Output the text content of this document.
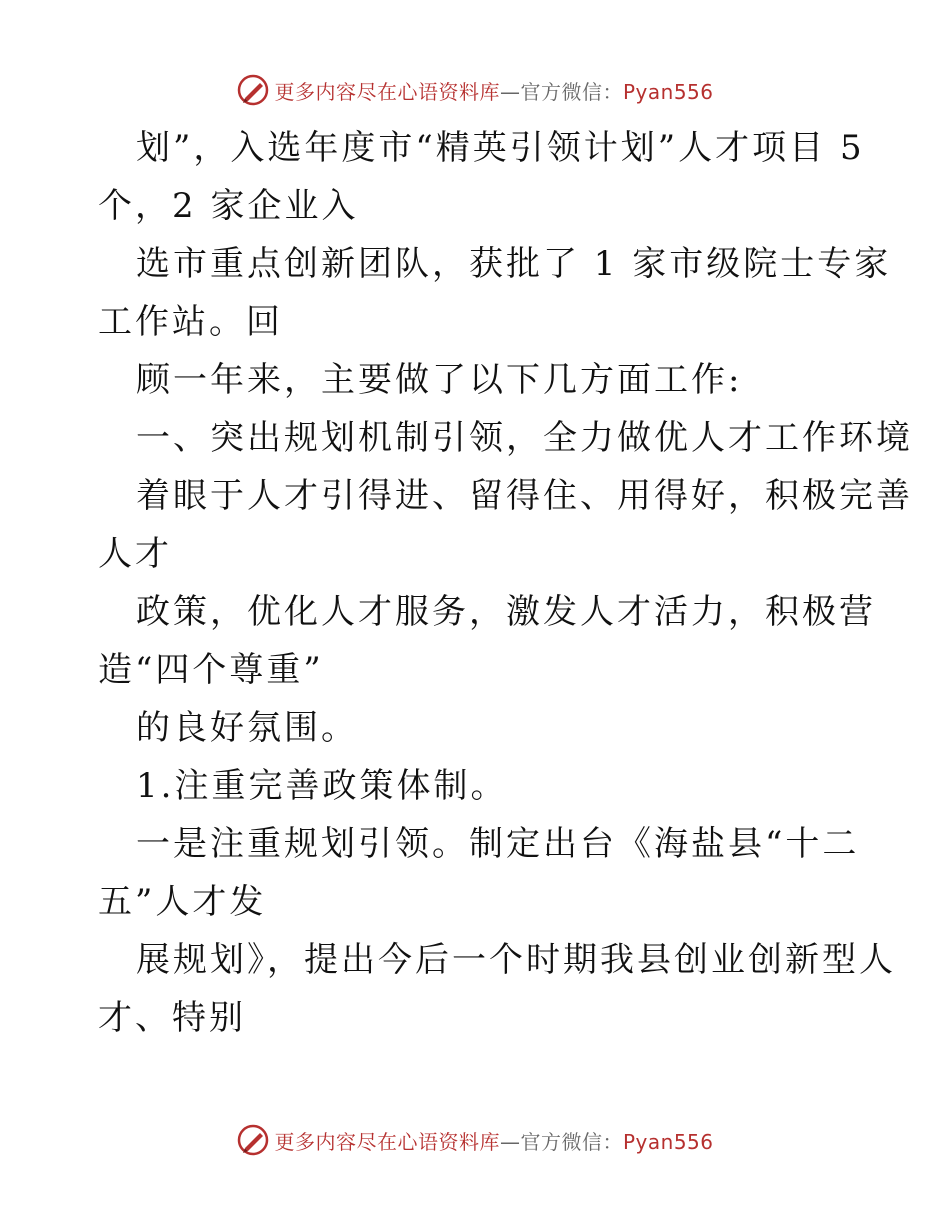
更多内容尽在心语资料库—官方微信：Pyan556
划”，入选年度市“精英引领计划”人才项目 5
个，2 家企业入
选市重点创新团队，获批了 1 家市级院士专家
工作站。回
顾一年来，主要做了以下几方面工作:
一、突出规划机制引领，全力做优人才工作环境
着眼于人才引得进、留得住、用得好，积极完善
人才
政策，优化人才服务，激发人才活力，积极营
造“四个尊重”
的良好氛围。
1.注重完善政策体制。
一是注重规划引领。制定出台《海盐县“十二
五”人才发
展规划》，提出今后一个时期我县创业创新型人
才、特别
更多内容尽在心语资料库—官方微信：Pyan556
